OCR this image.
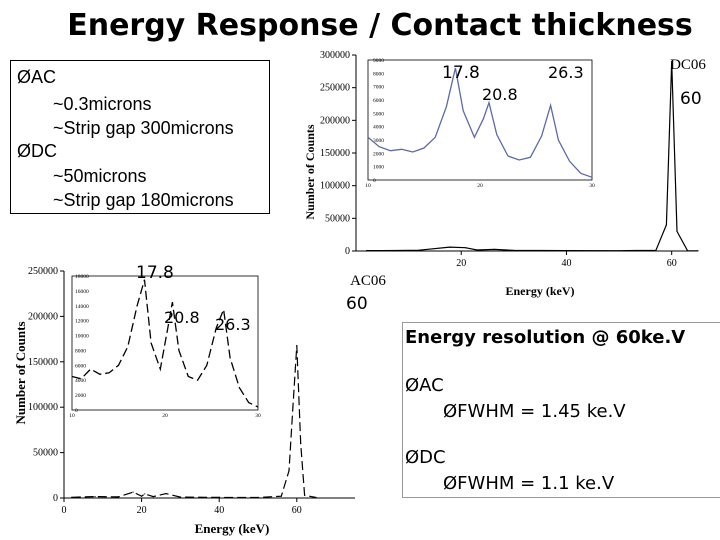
Energy Response / Contact thickness
0
50000
100000
150000
200000
250000
300000
20	40	60
Number of Counts
Energy (keV)
DC06
0
1000
2000
3000
4000
5000
6000
7000
8000
9000
10	20	30
17.8
20.8
26.3
60
0
50000
100000
150000
200000
250000
0	20	40	60
Number of Counts
Energy (keV)
AC06
0
2000
4000
6000
8000
10000
12000
14000
16000
18000
10	20	30
17.8
20.8 26.3
60
ØAC
~0.3microns
~Strip gap 300microns
ØDC
~50microns
~Strip gap 180microns
Energy resolution @ 60ke.V
ØAC
ØFWHM = 1.45 ke.V
ØDC
ØFWHM = 1.1 ke.V
